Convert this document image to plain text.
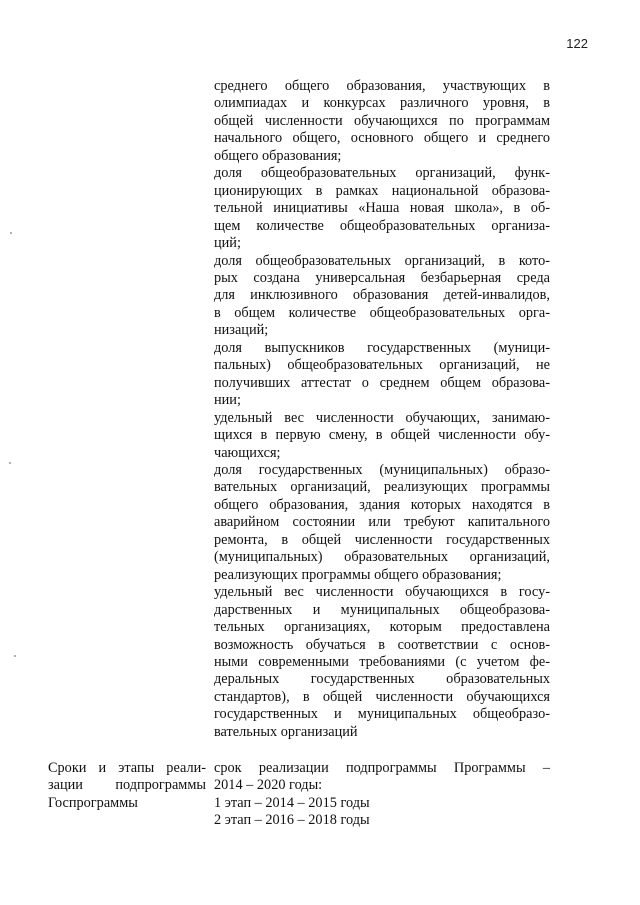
122
среднего общего образования, участвующих в
олимпиадах и конкурсах различного уровня, в
общей численности обучающихся по программам
начального общего, основного общего и среднего
общего образования;
доля общеобразовательных организаций, функ-
ционирующих в рамках национальной образова-
тельной инициативы «Наша новая школа», в об-
щем количестве общеобразовательных организа-
ций;
доля общеобразовательных организаций, в кото-
рых создана универсальная безбарьерная среда
для инклюзивного образования детей-инвалидов,
в общем количестве общеобразовательных орга-
низаций;
доля выпускников государственных (муници-
пальных) общеобразовательных организаций, не
получивших аттестат о среднем общем образова-
нии;
удельный вес численности обучающих, занимаю-
щихся в первую смену, в общей численности обу-
чающихся;
доля государственных (муниципальных) образо-
вательных организаций, реализующих программы
общего образования, здания которых находятся в
аварийном состоянии или требуют капитального
ремонта, в общей численности государственных
(муниципальных) образовательных организаций,
реализующих программы общего образования;
удельный вес численности обучающихся в госу-
дарственных и муниципальных общеобразова-
тельных организациях, которым предоставлена
возможность обучаться в соответствии с основ-
ными современными требованиями (с учетом фе-
деральных государственных образовательных
стандартов), в общей численности обучающихся
государственных и муниципальных общеобразо-
вательных организаций
Сроки и этапы реали-
зации подпрограммы
Госпрограммы
срок реализации подпрограммы Программы –
2014 – 2020 годы:
1 этап – 2014 – 2015 годы
2 этап – 2016 – 2018 годы
